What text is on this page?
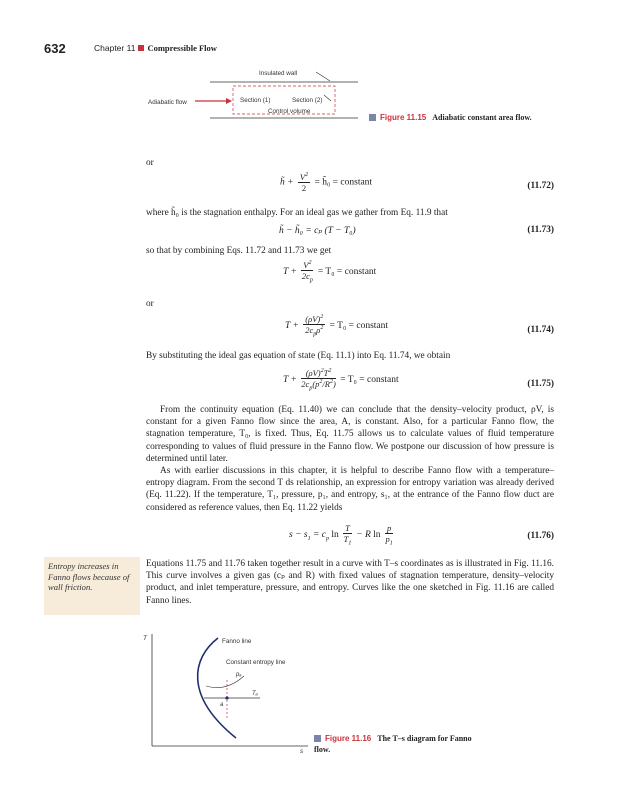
632	Chapter 11 Compressible Flow
Insulated wall
Adiabatic flow	Section (1)	Section (2)
Control volume
Figure 11.15 Adiabatic constant area flow.
or
h̃ + $\frac{V^2}{2}$ = h̃₀ = constant	(11.72)
where h̃₀ is the stagnation enthalpy. For an ideal gas we gather from Eq. 11.9 that
h̃ − h̃₀ = cₚ (T − T₀)	(11.73)
so that by combining Eqs. 11.72 and 11.73 we get
$T + \frac{V^2}{2c_p} = T_0$ = constant
or
$T + \frac{(\rho V)^2}{2c_p\rho^2} = T_0$ = constant	(11.74)
By substituting the ideal gas equation of state (Eq. 11.1) into Eq. 11.74, we obtain
$T + \frac{(\rho V)^2T^2}{2c_p(p^2/R^2)} = T_0$ = constant	(11.75)
From the continuity equation (Eq. 11.40) we can conclude that the density–velocity product, ρV, is constant for a given Fanno flow since the area, A, is constant. Also, for a particular Fanno flow, the stagnation temperature, T₀, is fixed. Thus, Eq. 11.75 allows us to calculate values of fluid temperature corresponding to values of fluid pressure in the Fanno flow. We postpone our discussion of how pressure is determined until later.
As with earlier discussions in this chapter, it is helpful to describe Fanno flow with a temperature–entropy diagram. From the second T ds relationship, an expression for entropy variation was already derived (Eq. 11.22). If the temperature, T₁, pressure, p₁, and entropy, s₁, at the entrance of the Fanno flow duct are considered as reference values, then Eq. 11.22 yields
$s - s_1 = c_p$ $\ln \frac{T}{T_1} - R$ $\ln \frac{p}{p_1}$	(11.76)
Entropy increases in Fanno flows because of wall friction.
Equations 11.75 and 11.76 taken together result in a curve with T–s coordinates as is illustrated in Fig. 11.16. This curve involves a given gas (cₚ and R) with fixed values of stagnation temperature, density–velocity product, and inlet temperature, pressure, and entropy. Curves like the one sketched in Fig. 11.16 are called Fanno lines.
T
s
Fanno line
Constant entropy line
pₐ
Tₐ
a
Figure 11.16 The T–s diagram for Fanno flow.
